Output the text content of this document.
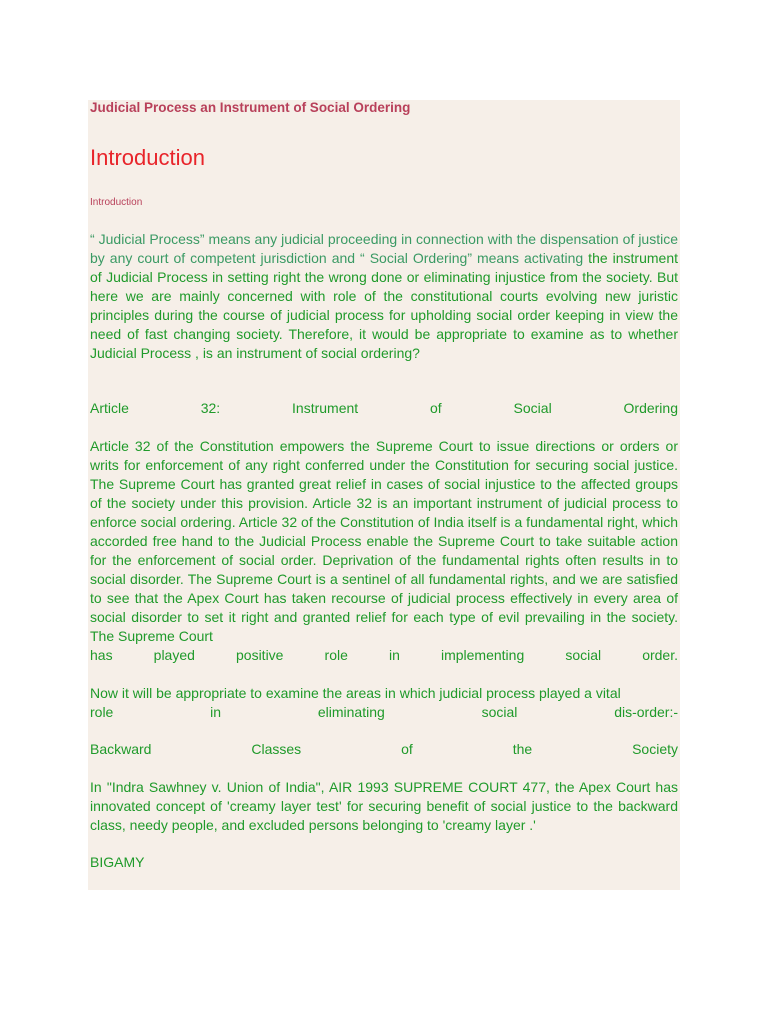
Judicial Process an Instrument of Social Ordering
Introduction
Introduction

“ Judicial Process” means any judicial proceeding in connection with the dispensation of justice by any court of competent jurisdiction and “ Social Ordering” means activating the instrument of Judicial Process in setting right the wrong done or eliminating injustice from the society. But here we are mainly concerned with role of the constitutional courts evolving new juristic principles during the course of judicial process for upholding social order keeping in view the need of fast changing society. Therefore, it would be appropriate to examine as to whether Judicial Process , is an instrument of social ordering?

Article 32: Instrument of Social Ordering

Article 32 of the Constitution empowers the Supreme Court to issue directions or orders or writs for enforcement of any right conferred under the Constitution for securing social justice. The Supreme Court has granted great relief in cases of social injustice to the affected groups of the society under this provision. Article 32 is an important instrument of judicial process to enforce social ordering. Article 32 of the Constitution of India itself is a fundamental right, which accorded free hand to the Judicial Process enable the Supreme Court to take suitable action for the enforcement of social order. Deprivation of the fundamental rights often results in to social disorder. The Supreme Court is a sentinel of all fundamental rights, and we are satisfied to see that the Apex Court has taken recourse of judicial process effectively in every area of social disorder to set it right and granted relief for each type of evil prevailing in the society. The Supreme Court
has played positive role in implementing social order.

Now it will be appropriate to examine the areas in which judicial process played a vital
role in eliminating social dis-order:-

Backward Classes of the Society

In "Indra Sawhney v. Union of India", AIR 1993 SUPREME COURT 477, the Apex Court has innovated concept of 'creamy layer test' for securing benefit of social justice to the backward class, needy people, and excluded persons belonging to 'creamy layer .'

BIGAMY
